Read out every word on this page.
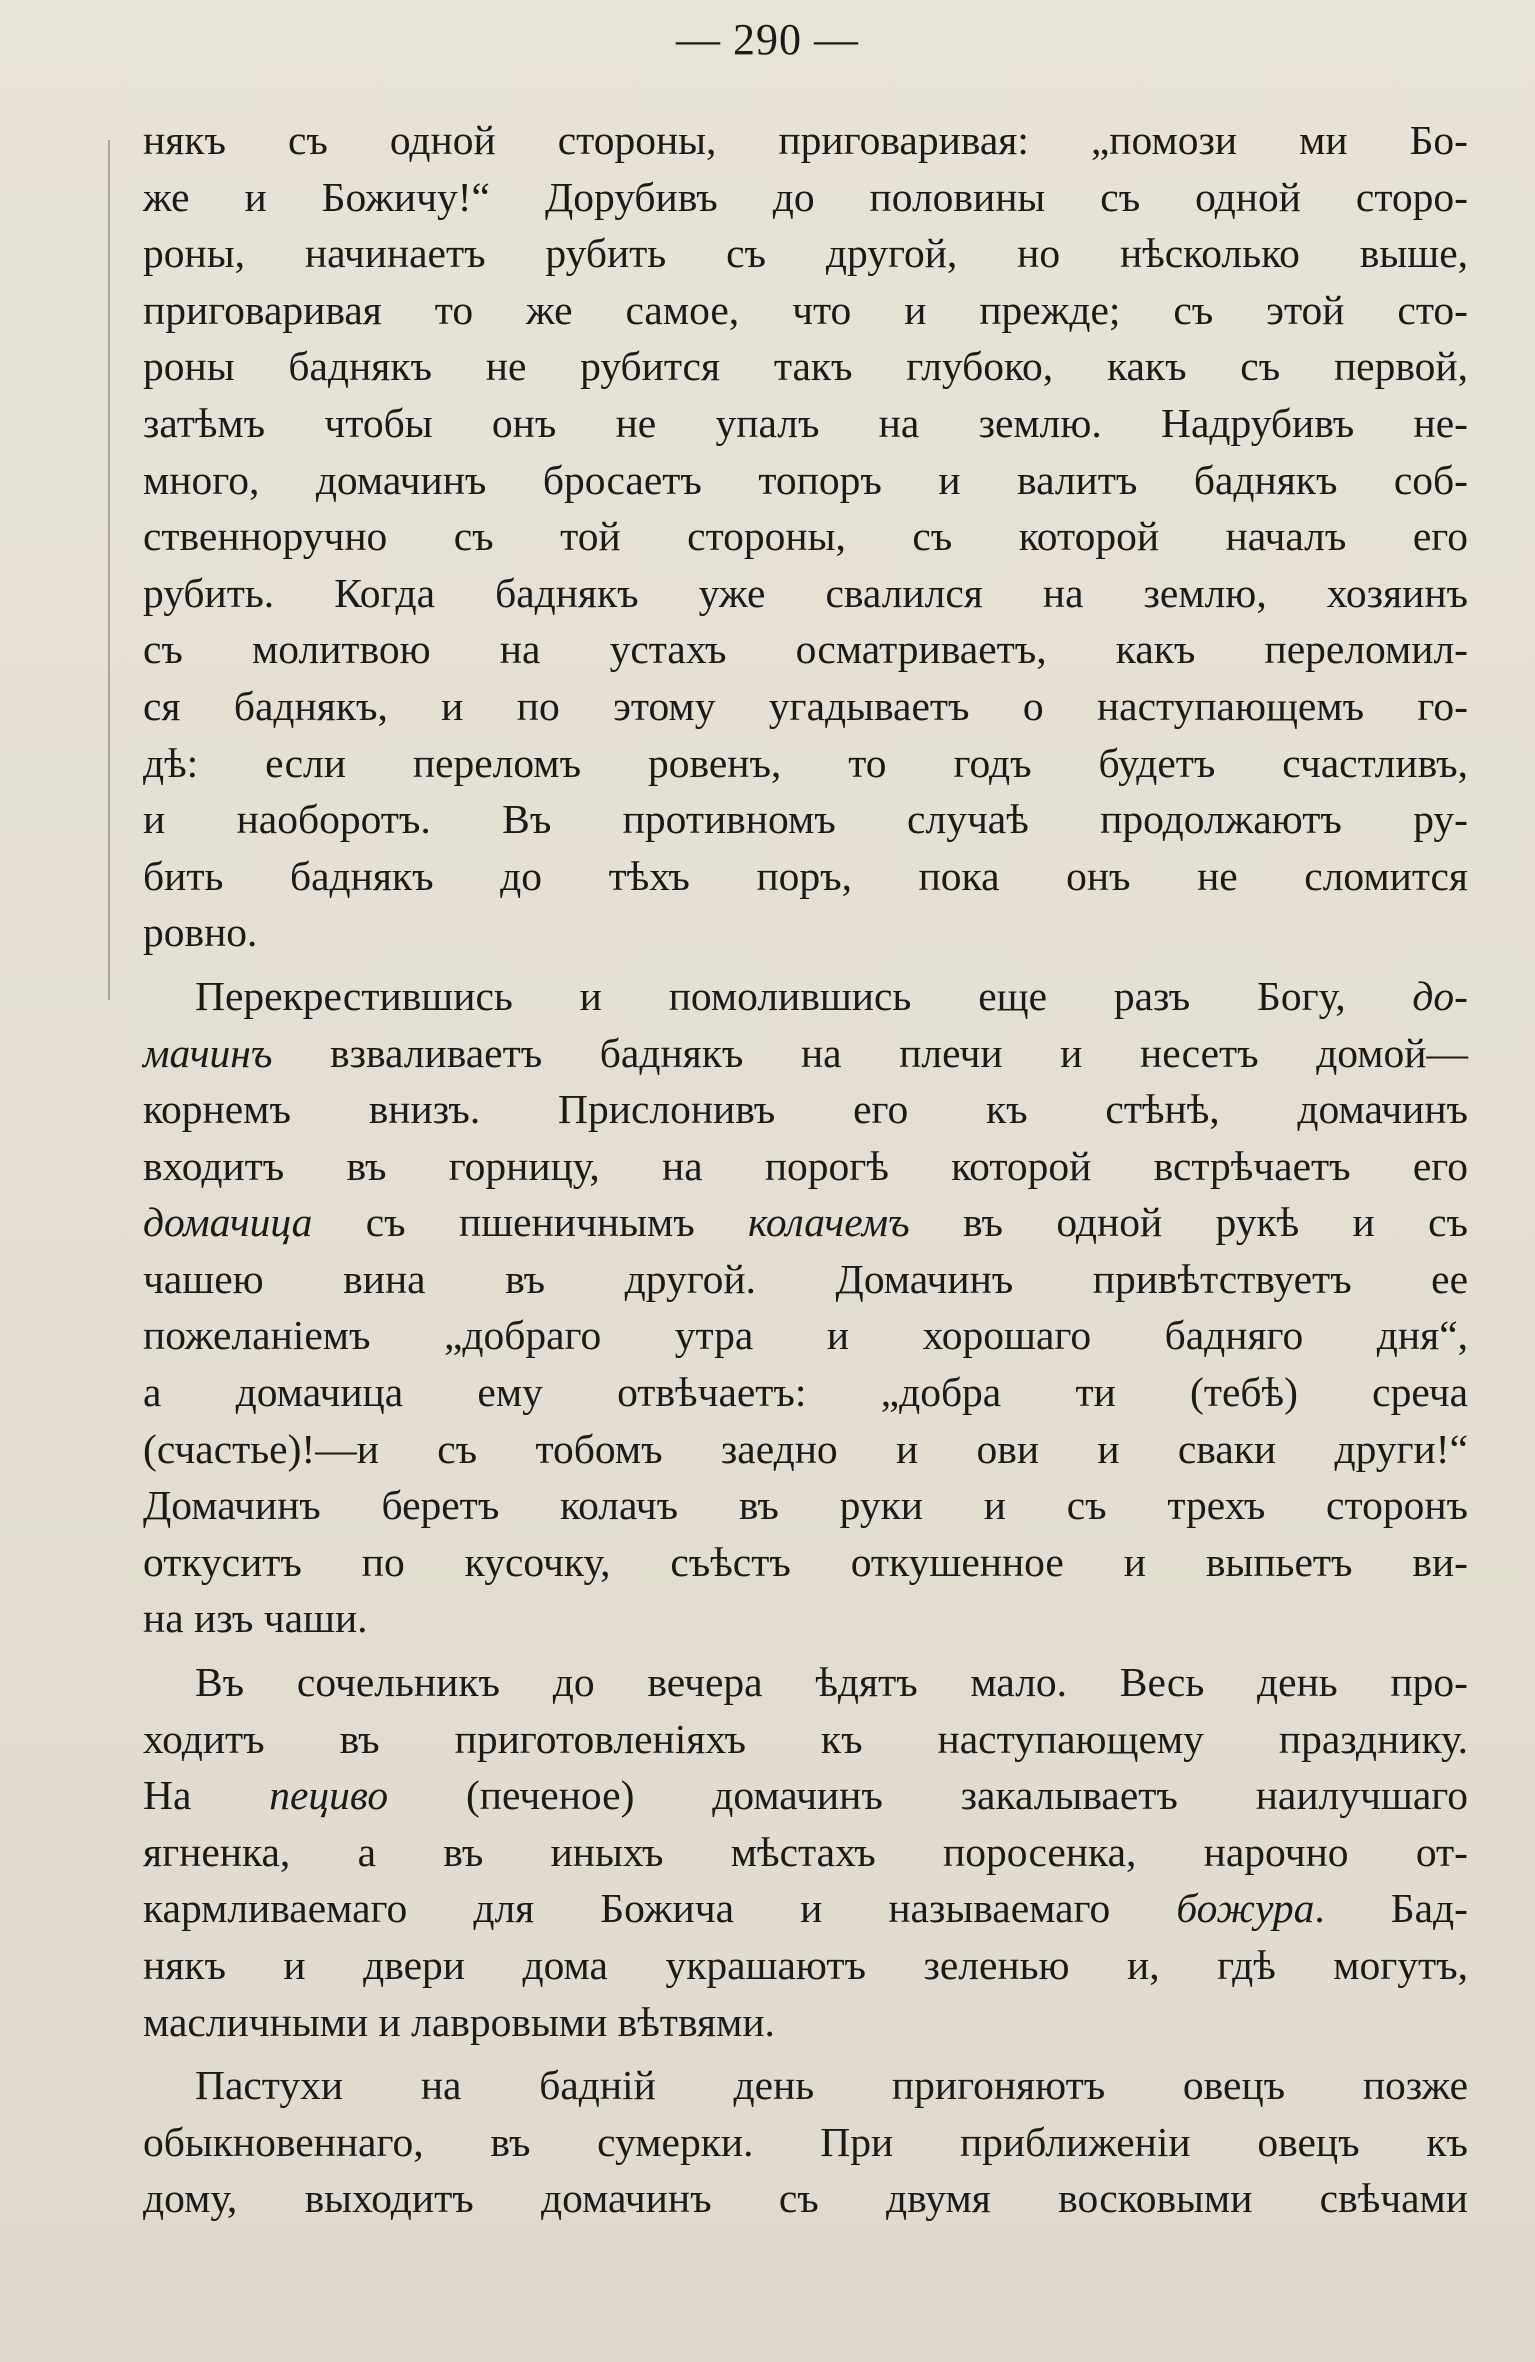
— 290 —
някъ съ одной стороны, приговаривая: „помози ми Бо-
же и Божичу!“ Дорубивъ до половины съ одной сторо-
роны, начинаетъ рубить съ другой, но нѣсколько выше,
приговаривая то же самое, что и прежде; съ этой сто-
роны баднякъ не рубится такъ глубоко, какъ съ первой,
затѣмъ чтобы онъ не упалъ на землю. Надрубивъ не-
много, домачинъ бросаетъ топоръ и валитъ баднякъ соб-
ственноручно съ той стороны, съ которой началъ его
рубить. Когда баднякъ уже свалился на землю, хозяинъ
съ молитвою на устахъ осматриваетъ, какъ переломил-
ся баднякъ, и по этому угадываетъ о наступающемъ го-
дѣ: если переломъ ровенъ, то годъ будетъ счастливъ,
и наоборотъ. Въ противномъ случаѣ продолжаютъ ру-
бить баднякъ до тѣхъ поръ, пока онъ не сломится
ровно.
Перекрестившись и помолившись еще разъ Богу, до-
мачинъ взваливаетъ баднякъ на плечи и несетъ домой—
корнемъ внизъ. Прислонивъ его къ стѣнѣ, домачинъ
входитъ въ горницу, на порогѣ которой встрѣчаетъ его
домачица съ пшеничнымъ колачемъ въ одной рукѣ и съ
чашею вина въ другой. Домачинъ привѣтствуетъ ее
пожеланіемъ „добраго утра и хорошаго бадняго дня“,
а домачица ему отвѣчаетъ: „добра ти (тебѣ) среча
(счастье)!—и съ тобомъ заедно и ови и сваки други!“
Домачинъ беретъ колачъ въ руки и съ трехъ сторонъ
откуситъ по кусочку, съѣстъ откушенное и выпьетъ ви-
на изъ чаши.
Въ сочельникъ до вечера ѣдятъ мало. Весь день про-
ходитъ въ приготовленіяхъ къ наступающему празднику.
На пециво (печеное) домачинъ закалываетъ наилучшаго
ягненка, а въ иныхъ мѣстахъ поросенка, нарочно от-
кармливаемаго для Божича и называемаго божура. Бад-
някъ и двери дома украшаютъ зеленью и, гдѣ могутъ,
масличными и лавровыми вѣтвями.
Пастухи на бадній день пригоняютъ овецъ позже
обыкновеннаго, въ сумерки. При приближеніи овецъ къ
дому, выходитъ домачинъ съ двумя восковыми свѣчами
